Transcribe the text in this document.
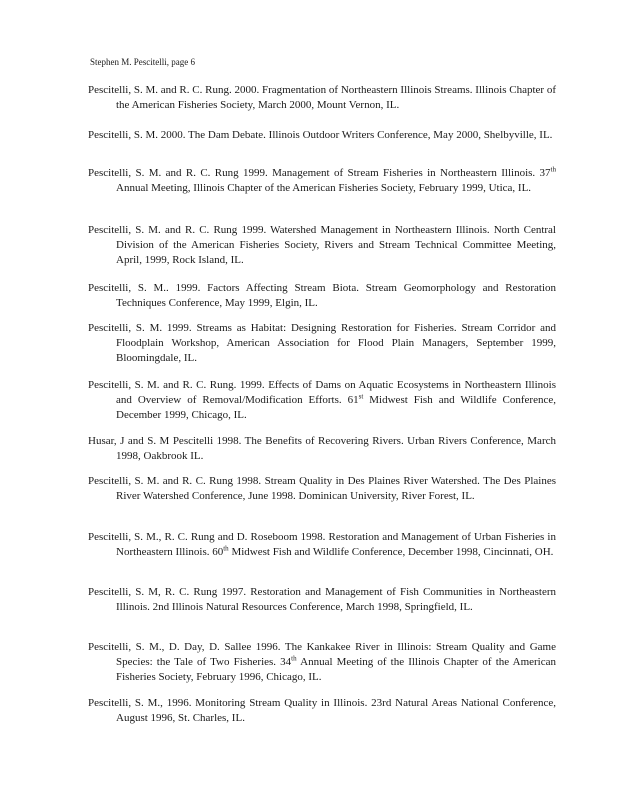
Stephen M. Pescitelli, page 6
Pescitelli, S. M. and R. C. Rung. 2000. Fragmentation of Northeastern Illinois Streams. Illinois Chapter of the American Fisheries Society, March 2000, Mount Vernon, IL.
Pescitelli, S. M. 2000. The Dam Debate. Illinois Outdoor Writers Conference, May 2000, Shelbyville, IL.
Pescitelli, S. M. and R. C. Rung 1999. Management of Stream Fisheries in Northeastern Illinois. 37th Annual Meeting, Illinois Chapter of the American Fisheries Society, February 1999, Utica, IL.
Pescitelli, S. M. and R. C. Rung 1999. Watershed Management in Northeastern Illinois. North Central Division of the American Fisheries Society, Rivers and Stream Technical Committee Meeting, April, 1999, Rock Island, IL.
Pescitelli, S. M.. 1999. Factors Affecting Stream Biota. Stream Geomorphology and Restoration Techniques Conference, May 1999, Elgin, IL.
Pescitelli, S. M. 1999. Streams as Habitat: Designing Restoration for Fisheries. Stream Corridor and Floodplain Workshop, American Association for Flood Plain Managers, September 1999, Bloomingdale, IL.
Pescitelli, S. M. and R. C. Rung. 1999. Effects of Dams on Aquatic Ecosystems in Northeastern Illinois and Overview of Removal/Modification Efforts. 61st Midwest Fish and Wildlife Conference, December 1999, Chicago, IL.
Husar, J and S. M Pescitelli 1998. The Benefits of Recovering Rivers. Urban Rivers Conference, March 1998, Oakbrook IL.
Pescitelli, S. M. and R. C. Rung 1998. Stream Quality in Des Plaines River Watershed. The Des Plaines River Watershed Conference, June 1998. Dominican University, River Forest, IL.
Pescitelli, S. M., R. C. Rung and D. Roseboom 1998. Restoration and Management of Urban Fisheries in Northeastern Illinois. 60th Midwest Fish and Wildlife Conference, December 1998, Cincinnati, OH.
Pescitelli, S. M, R. C. Rung 1997. Restoration and Management of Fish Communities in Northeastern Illinois. 2nd Illinois Natural Resources Conference, March 1998, Springfield, IL.
Pescitelli, S. M., D. Day, D. Sallee 1996. The Kankakee River in Illinois: Stream Quality and Game Species: the Tale of Two Fisheries. 34th Annual Meeting of the Illinois Chapter of the American Fisheries Society, February 1996, Chicago, IL.
Pescitelli, S. M., 1996. Monitoring Stream Quality in Illinois. 23rd Natural Areas National Conference, August 1996, St. Charles, IL.
